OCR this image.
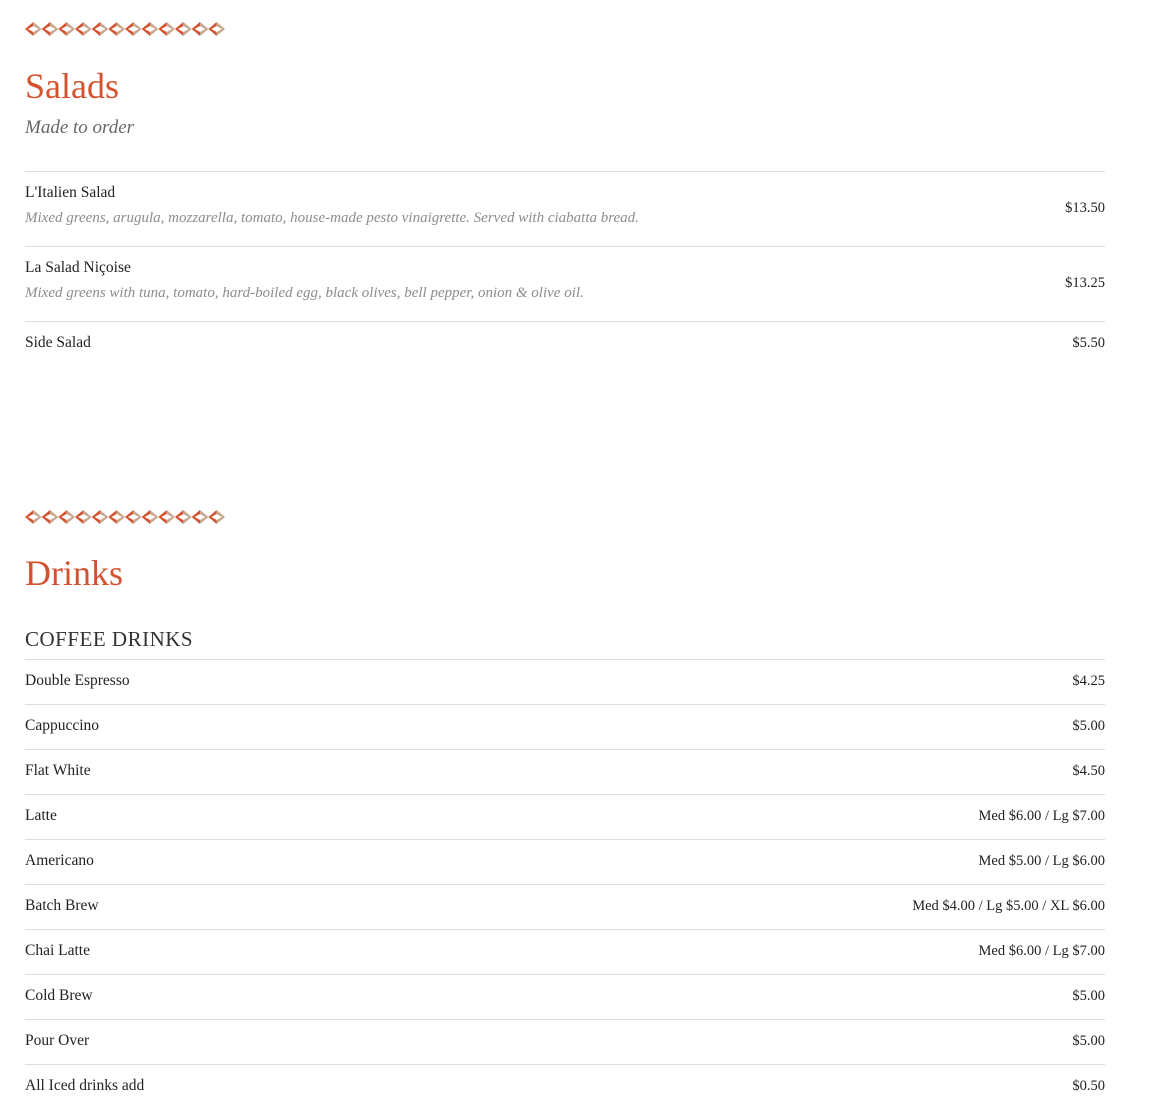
Salads

Made to order

L'Italien Salad
Mixed greens, arugula, mozzarella, tomato, house-made pesto vinaigrette. Served with ciabatta bread.
$13.50
La Salad Niçoise
Mixed greens with tuna, tomato, hard-boiled egg, black olives, bell pepper, onion & olive oil.
$13.25
Side Salad	$5.50
Drinks
COFFEE DRINKS
Double Espresso	$4.25
Cappuccino	$5.00
Flat White	$4.50
Latte	Med $6.00 / Lg $7.00
Americano	Med $5.00 / Lg $6.00
Batch Brew	Med $4.00 / Lg $5.00 / XL $6.00
Chai Latte	Med $6.00 / Lg $7.00
Cold Brew	$5.00
Pour Over	$5.00
All Iced drinks add	$0.50
